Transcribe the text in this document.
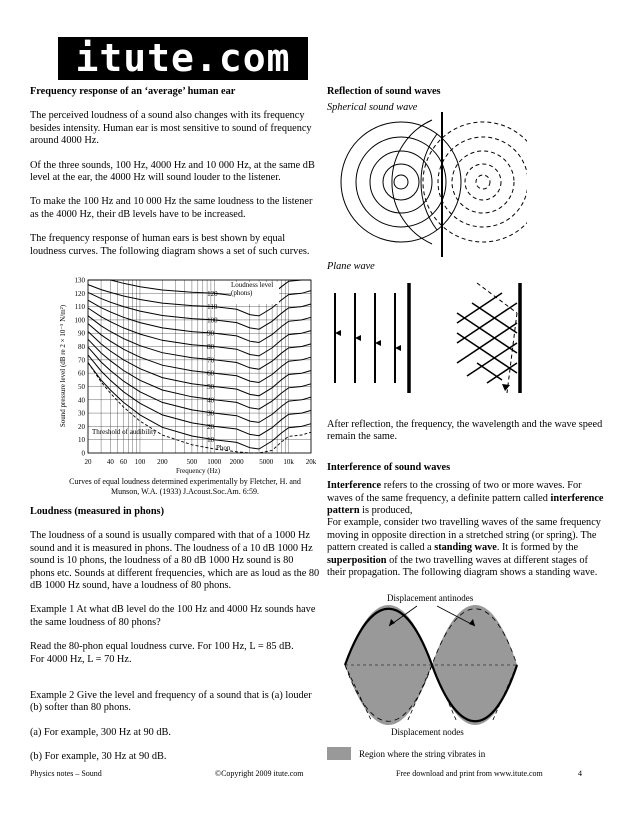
itute.com
Frequency response of an ‘average’ human ear

The perceived loudness of a sound also changes with its frequency besides intensity. Human ear is most sensitive to sound of frequency around 4000 Hz.

Of the three sounds, 100 Hz, 4000 Hz and 10 000 Hz, at the same dB level at the ear, the 4000 Hz will sound louder to the listener.

To make the 100 Hz and 10 000 Hz the same loudness to the listener as the 4000 Hz, their dB levels have to be increased.

The frequency response of human ears is best shown by equal loudness curves. The following diagram shows a set of such curves.

0
10
20
30
40
50
60
70
80
90
100
110
120
130
20 40 60 100 200	500 1000 2000 5000 10k 20k
120
110
100
90
80
70
60
50
40
30
20
10
Sound pressure level (dB re 2 × 10⁻⁵ N/m²)
Frequency (Hz)
Loudness level (phons)
Threshold of audibility
Phon
Curves of equal loudness determined experimentally by Fletcher, H. and Munson, W.A. (1933) J.Acoust.Soc.Am. 6:59.
Loudness (measured in phons)

The loudness of a sound is usually compared with that of a 1000 Hz sound and it is measured in phons. The loudness of a 10 dB 1000 Hz sound is 10 phons, the loudness of a 80 dB 1000 Hz sound is 80 phons etc. Sounds at different frequencies, which are as loud as the 80 dB 1000 Hz sound, have a loudness of 80 phons.

Example 1 At what dB level do the 100 Hz and 4000 Hz sounds have the same loudness of 80 phons?

Read the 80-phon equal loudness curve. For 100 Hz, L = 85 dB.

For 4000 Hz, L = 70 Hz.

Example 2 Give the level and frequency of a sound that is (a) louder (b) softer than 80 phons.

(a) For example, 300 Hz at 90 dB.

(b) For example, 30 Hz at 90 dB.

Reflection of sound waves
Spherical sound wave
Plane wave

After reflection, the frequency, the wavelength and the wave speed remain the same.

Interference of sound waves
Interference refers to the crossing of two or more waves. For waves of the same frequency, a definite pattern called interference pattern is produced,
For example, consider two travelling waves of the same frequency moving in opposite direction in a stretched string (or spring). The pattern created is called a standing wave. It is formed by the superposition of the two travelling waves at different stages of their propagation. The following diagram shows a standing wave.
Displacement antinodes
Displacement nodes
Region where the string vibrates in
Physics notes – Sound	©Copyright 2009 itute.com	Free download and print from www.itute.com	4
